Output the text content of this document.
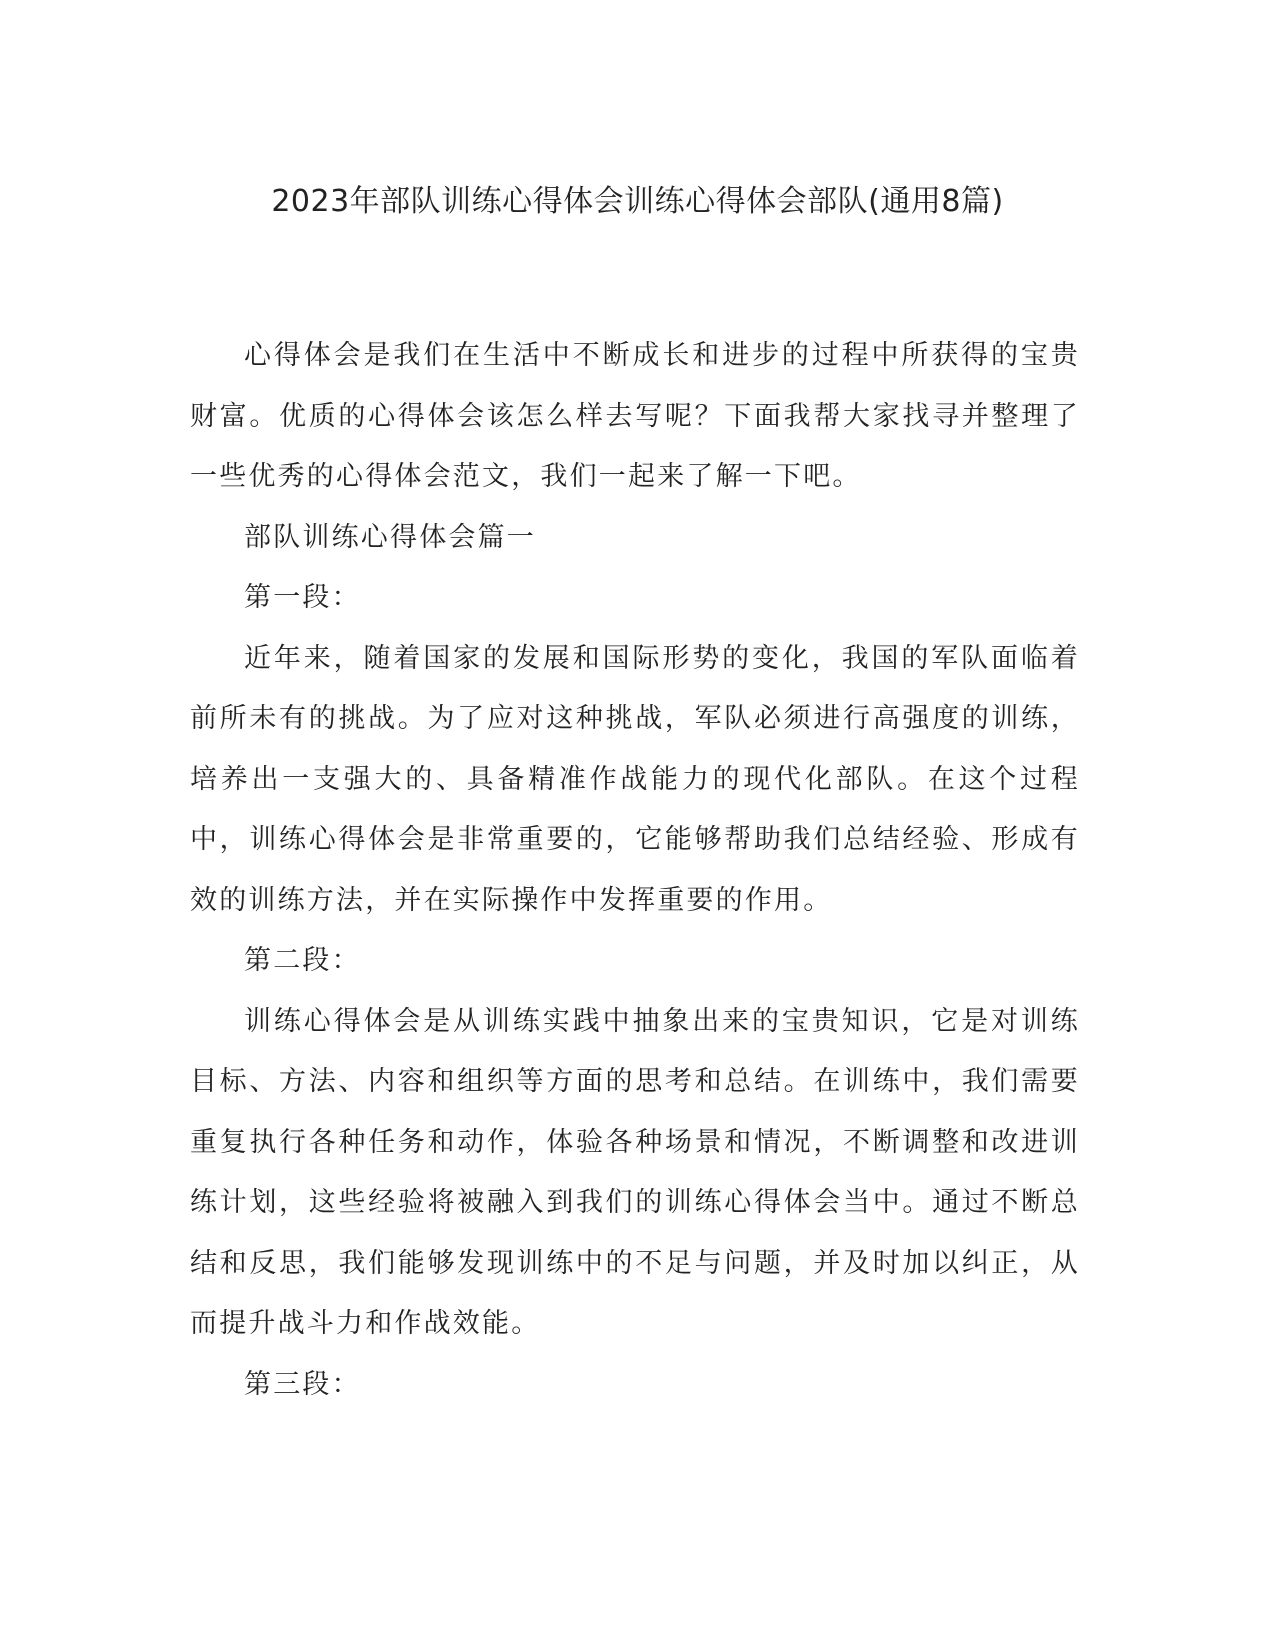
2023年部队训练心得体会训练心得体会部队(通用8篇)

心得体会是我们在生活中不断成长和进步的过程中所获得的宝贵财富。优质的心得体会该怎么样去写呢？下面我帮大家找寻并整理了一些优秀的心得体会范文，我们一起来了解一下吧。

部队训练心得体会篇一

第一段：

近年来，随着国家的发展和国际形势的变化，我国的军队面临着前所未有的挑战。为了应对这种挑战，军队必须进行高强度的训练，培养出一支强大的、具备精准作战能力的现代化部队。在这个过程中，训练心得体会是非常重要的，它能够帮助我们总结经验、形成有效的训练方法，并在实际操作中发挥重要的作用。

第二段：

训练心得体会是从训练实践中抽象出来的宝贵知识，它是对训练目标、方法、内容和组织等方面的思考和总结。在训练中，我们需要重复执行各种任务和动作，体验各种场景和情况，不断调整和改进训练计划，这些经验将被融入到我们的训练心得体会当中。通过不断总结和反思，我们能够发现训练中的不足与问题，并及时加以纠正，从而提升战斗力和作战效能。

第三段：
